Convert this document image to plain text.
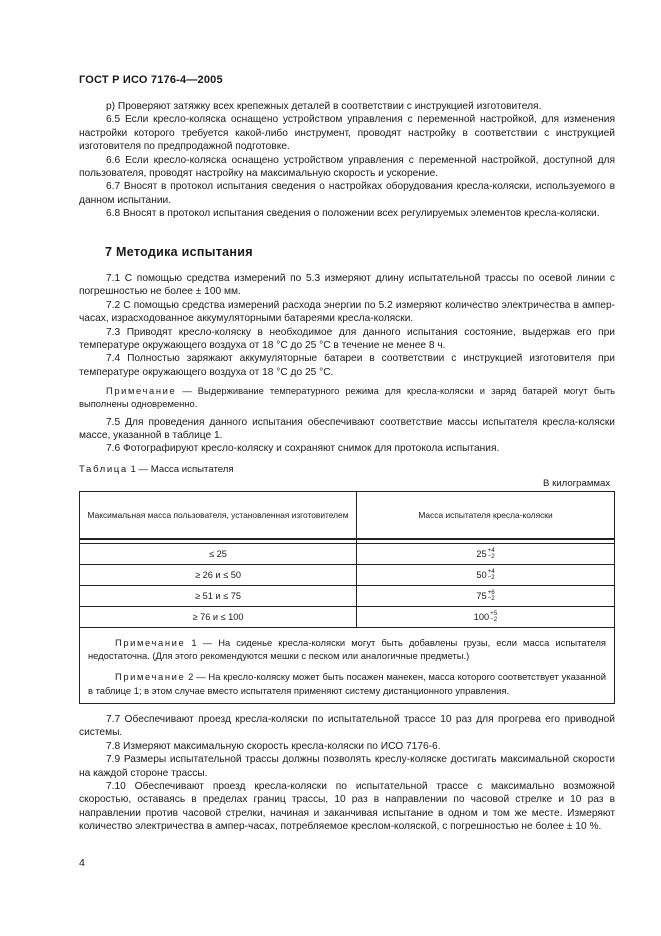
ГОСТ Р ИСО 7176-4—2005

р) Проверяют затяжку всех крепежных деталей в соответствии с инструкцией изготовителя.

6.5 Если кресло-коляска оснащено устройством управления с переменной настройкой, для изменения настройки которого требуется какой-либо инструмент, проводят настройку в соответствии с инструкцией изготовителя по предпродажной подготовке.

6.6 Если кресло-коляска оснащено устройством управления с переменной настройкой, доступной для пользователя, проводят настройку на максимальную скорость и ускорение.

6.7 Вносят в протокол испытания сведения о настройках оборудования кресла-коляски, используемого в данном испытании.

6.8 Вносят в протокол испытания сведения о положении всех регулируемых элементов кресла-коляски.

7 Методика испытания

7.1 С помощью средства измерений по 5.3 измеряют длину испытательной трассы по осевой линии с погрешностью не более ± 100 мм.

7.2 С помощью средства измерений расхода энергии по 5.2 измеряют количество электричества в ампер-часах, израсходованное аккумуляторными батареями кресла-коляски.

7.3 Приводят кресло-коляску в необходимое для данного испытания состояние, выдержав его при температуре окружающего воздуха от 18 °С до 25 °С в течение не менее 8 ч.

7.4 Полностью заряжают аккумуляторные батареи в соответствии с инструкцией изготовителя при температуре окружающего воздуха от 18 °С до 25 °С.

Примечание — Выдерживание температурного режима для кресла-коляски и заряд батарей могут быть выполнены одновременно.

7.5 Для проведения данного испытания обеспечивают соответствие массы испытателя кресла-коляски массе, указанной в таблице 1.

7.6 Фотографируют кресло-коляску и сохраняют снимок для протокола испытания.

Таблица 1 — Масса испытателя
В килограммах
Максимальная масса пользователя, установленная изготовителем	Масса испытателя кресла-коляски

≤ 25	25 +4
−2

≥ 26 и ≤ 50	50 +4
−2

≥ 51 и ≤ 75	75 +6
−2

≥ 76 и ≤ 100	100 +5
−2

Примечание 1 — На сиденье кресла-коляски могут быть добавлены грузы, если масса испытателя недостаточна. (Для этого рекомендуются мешки с песком или аналогичные предметы.)

Примечание 2 — На кресло-коляску может быть посажен манекен, масса которого соответствует указанной в таблице 1; в этом случае вместо испытателя применяют систему дистанционного управления.	

7.7 Обеспечивают проезд кресла-коляски по испытательной трассе 10 раз для прогрева его приводной системы.

7.8 Измеряют максимальную скорость кресла-коляски по ИСО 7176-6.

7.9 Размеры испытательной трассы должны позволять креслу-коляске достигать максимальной скорости на каждой стороне трассы.

7.10 Обеспечивают проезд кресла-коляски по испытательной трассе с максимально возможной скоростью, оставаясь в пределах границ трассы, 10 раз в направлении по часовой стрелке и 10 раз в направлении против часовой стрелки, начиная и заканчивая испытание в одном и том же месте. Измеряют количество электричества в ампер-часах, потребляемое креслом-коляской, с погрешностью не более ± 10 %.

4
